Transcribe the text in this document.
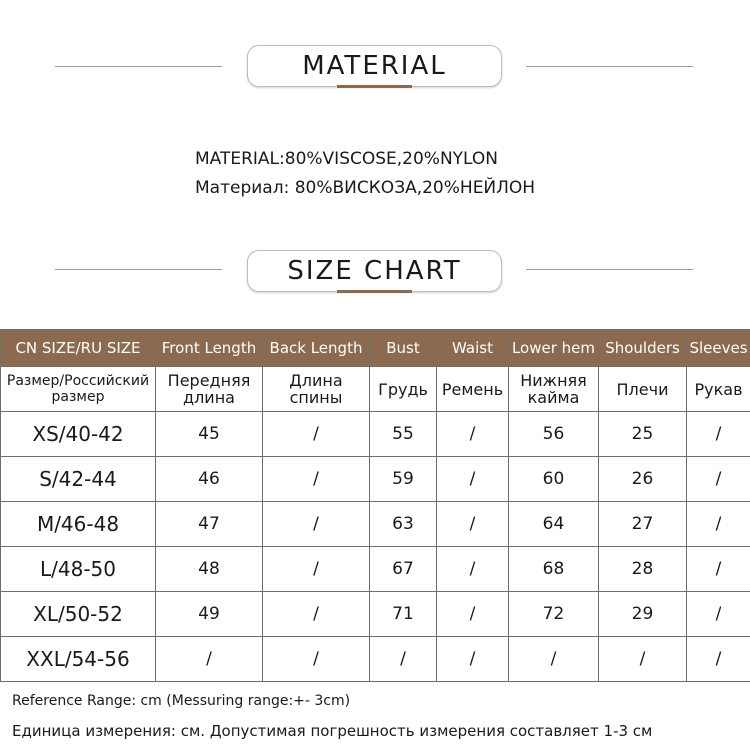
MATERIAL
MATERIAL:80%VISCOSE,20%NYLON
Материал: 80%ВИСКОЗА,20%НЕЙЛОН
SIZE CHART
CN SIZE/RU SIZE	Front Length	Back Length	Bust	Waist	Lower hem	Shoulders	Sleeves
Размер/Российский размер	Передняя длина	Длина спины	Грудь	Ремень	Нижняя кайма	Плечи	Рукав
XS/40-42	45	/	55	/	56	25	/
S/42-44	46	/	59	/	60	26	/
M/46-48	47	/	63	/	64	27	/
L/48-50	48	/	67	/	68	28	/
XL/50-52	49	/	71	/	72	29	/
XXL/54-56	/	/	/	/	/	/	/
Reference Range: cm (Messuring range:+- 3cm)
Единица измерения: см. Допустимая погрешность измерения составляет 1-3 см
